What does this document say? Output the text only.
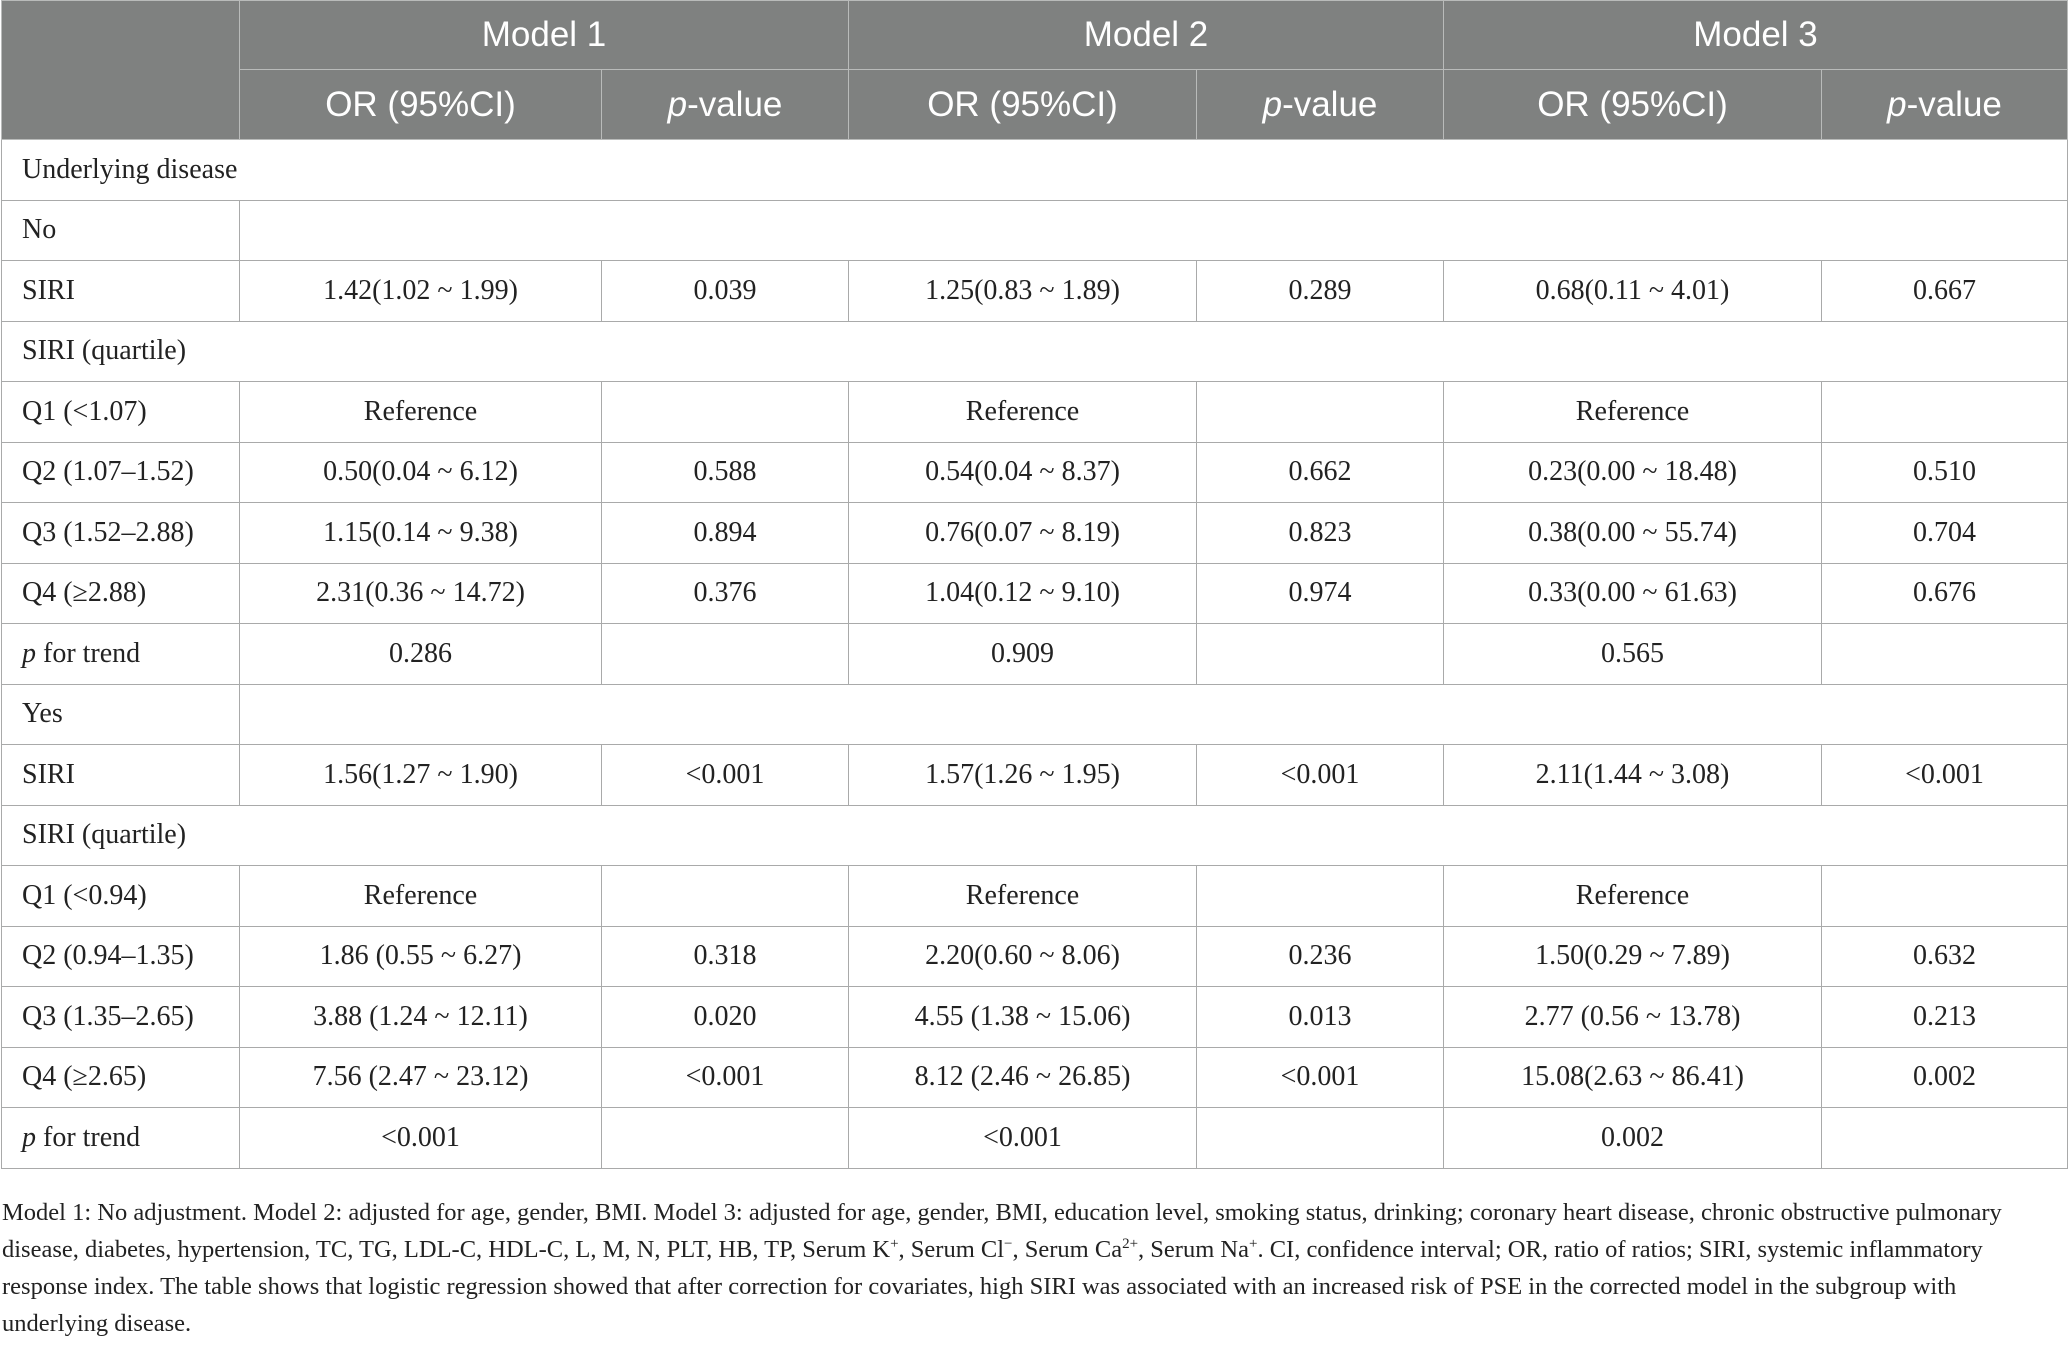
	Model 1		Model 2		Model 3	
	OR (95%CI)	p-value	OR (95%CI)	p-value	OR (95%CI)	p-value
Underlying disease						
No						
SIRI	1.42(1.02 ~ 1.99)	0.039	1.25(0.83 ~ 1.89)	0.289	0.68(0.11 ~ 4.01)	0.667
SIRI (quartile)						
Q1 (<1.07)	Reference		Reference		Reference	
Q2 (1.07–1.52)	0.50(0.04 ~ 6.12)	0.588	0.54(0.04 ~ 8.37)	0.662	0.23(0.00 ~ 18.48)	0.510
Q3 (1.52–2.88)	1.15(0.14 ~ 9.38)	0.894	0.76(0.07 ~ 8.19)	0.823	0.38(0.00 ~ 55.74)	0.704
Q4 (≥2.88)	2.31(0.36 ~ 14.72)	0.376	1.04(0.12 ~ 9.10)	0.974	0.33(0.00 ~ 61.63)	0.676
p for trend	0.286		0.909		0.565	
Yes						
SIRI	1.56(1.27 ~ 1.90)	<0.001	1.57(1.26 ~ 1.95)	<0.001	2.11(1.44 ~ 3.08)	<0.001
SIRI (quartile)						
Q1 (<0.94)	Reference		Reference		Reference	
Q2 (0.94–1.35)	1.86 (0.55 ~ 6.27)	0.318	2.20(0.60 ~ 8.06)	0.236	1.50(0.29 ~ 7.89)	0.632
Q3 (1.35–2.65)	3.88 (1.24 ~ 12.11)	0.020	4.55 (1.38 ~ 15.06)	0.013	2.77 (0.56 ~ 13.78)	0.213
Q4 (≥2.65)	7.56 (2.47 ~ 23.12)	<0.001	8.12 (2.46 ~ 26.85)	<0.001	15.08(2.63 ~ 86.41)	0.002
p for trend	<0.001		<0.001		0.002	
Model 1: No adjustment. Model 2: adjusted for age, gender, BMI. Model 3: adjusted for age, gender, BMI, education level, smoking status, drinking; coronary heart disease, chronic obstructive pulmonary disease, diabetes, hypertension, TC, TG, LDL-C, HDL-C, L, M, N, PLT, HB, TP, Serum K+, Serum Cl−, Serum $Ca^{2+}$, Serum Na+. CI, confidence interval; OR, ratio of ratios; SIRI, systemic inflammatory response index. The table shows that logistic regression showed that after correction for covariates, high SIRI was associated with an increased risk of PSE in the corrected model in the subgroup with underlying disease.
